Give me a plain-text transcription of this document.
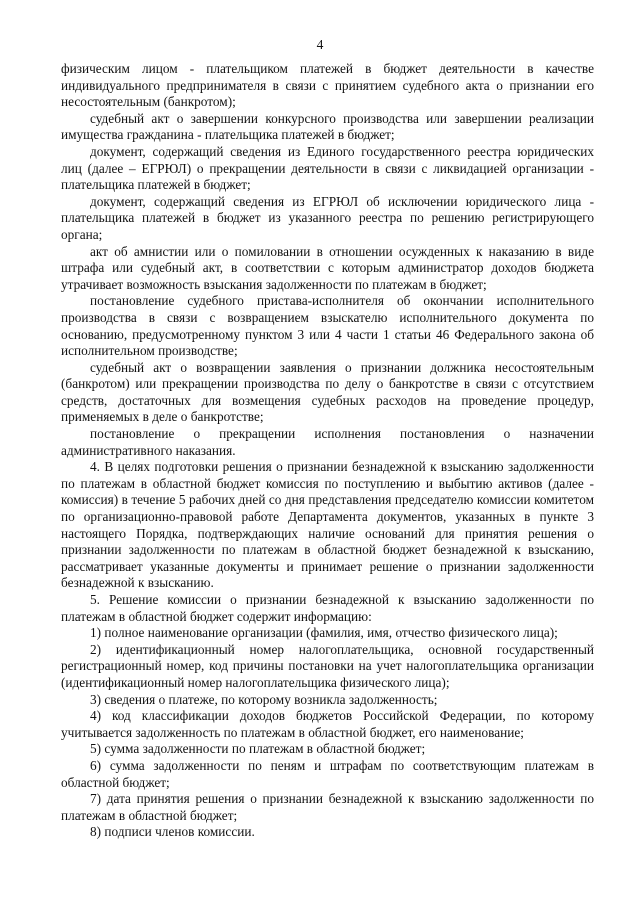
4

физическим лицом - плательщиком платежей в бюджет деятельности в качестве индивидуального предпринимателя в связи с принятием судебного акта о признании его несостоятельным (банкротом);

судебный акт о завершении конкурсного производства или завершении реализации имущества гражданина - плательщика платежей в бюджет;

документ, содержащий сведения из Единого государственного реестра юридических лиц (далее – ЕГРЮЛ) о прекращении деятельности в связи с ликвидацией организации - плательщика платежей в бюджет;

документ, содержащий сведения из ЕГРЮЛ об исключении юридического лица - плательщика платежей в бюджет из указанного реестра по решению регистрирующего органа;

акт об амнистии или о помиловании в отношении осужденных к наказанию в виде штрафа или судебный акт, в соответствии с которым администратор доходов бюджета утрачивает возможность взыскания задолженности по платежам в бюджет;

постановление судебного пристава-исполнителя об окончании исполнительного производства в связи с возвращением взыскателю исполнительного документа по основанию, предусмотренному пунктом 3 или 4 части 1 статьи 46 Федерального закона об исполнительном производстве;

судебный акт о возвращении заявления о признании должника несостоятельным (банкротом) или прекращении производства по делу о банкротстве в связи с отсутствием средств, достаточных для возмещения судебных расходов на проведение процедур, применяемых в деле о банкротстве;

постановление о прекращении исполнения постановления о назначении административного наказания.

4. В целях подготовки решения о признании безнадежной к взысканию задолженности по платежам в областной бюджет комиссия по поступлению и выбытию активов (далее - комиссия) в течение 5 рабочих дней со дня представления председателю комиссии комитетом по организационно-правовой работе Департамента документов, указанных в пункте 3 настоящего Порядка, подтверждающих наличие оснований для принятия решения о признании задолженности по платежам в областной бюджет безнадежной к взысканию, рассматривает указанные документы и принимает решение о признании задолженности безнадежной к взысканию.

5. Решение комиссии о признании безнадежной к взысканию задолженности по платежам в областной бюджет содержит информацию:

1) полное наименование организации (фамилия, имя, отчество физического лица);

2) идентификационный номер налогоплательщика, основной государственный регистрационный номер, код причины постановки на учет налогоплательщика организации (идентификационный номер налогоплательщика физического лица);

3) сведения о платеже, по которому возникла задолженность;

4) код классификации доходов бюджетов Российской Федерации, по которому учитывается задолженность по платежам в областной бюджет, его наименование;

5) сумма задолженности по платежам в областной бюджет;

6) сумма задолженности по пеням и штрафам по соответствующим платежам в областной бюджет;

7) дата принятия решения о признании безнадежной к взысканию задолженности по платежам в областной бюджет;

8) подписи членов комиссии.
